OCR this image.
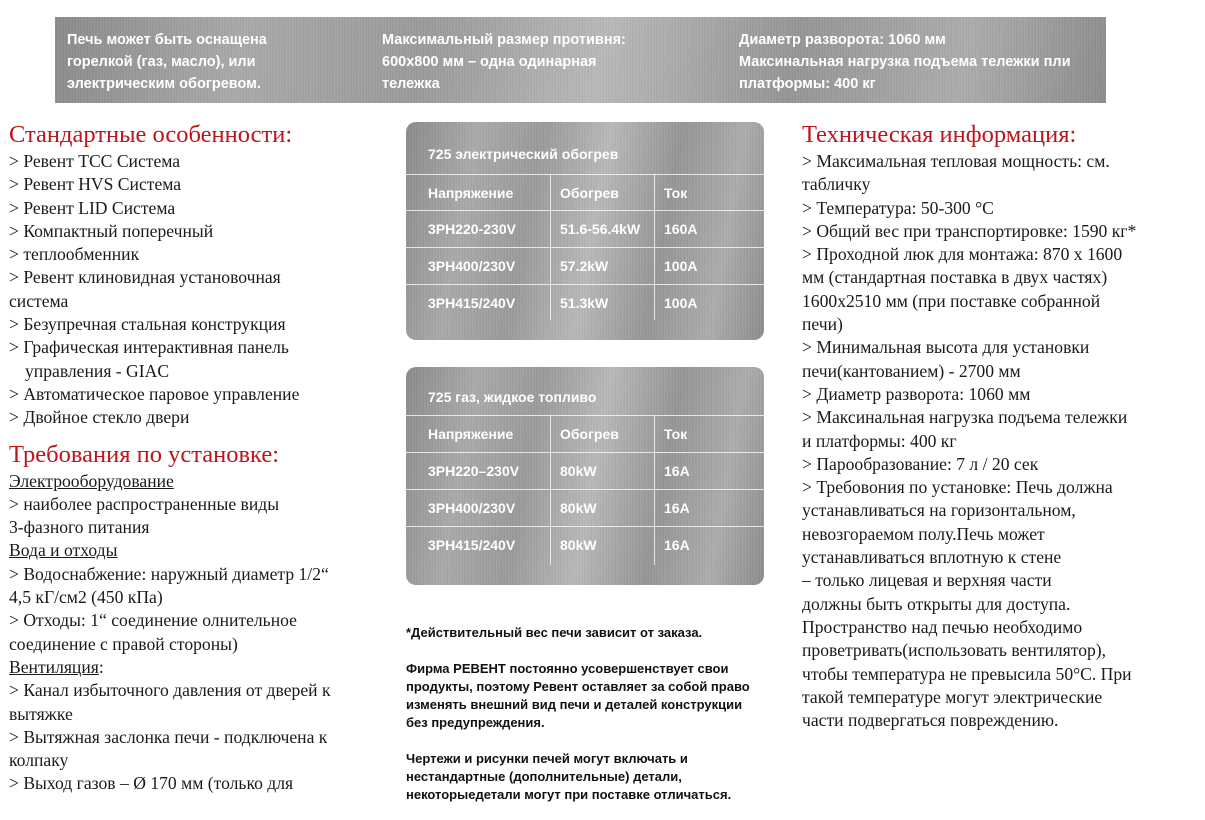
Печь может быть оснащена
горелкой (газ, масло), или
электрическим обогревом.
Максимальный размер противня:
600х800 мм – одна одинарная
тележка
Диаметр разворота: 1060 мм
Максинальная нагрузка подъема тележки пли
платформы: 400 кг
Стандартные особенности:
> Ревент ТСС Система
> Ревент HVS Система
> Ревент LID Система
> Компактный поперечный
> теплообменник
> Ревент клиновидная установочная
система
> Безупречная стальная конструкция
> Графическая интерактивная панель
управления - GIAC
> Автоматическое паровое управление
> Двойное стекло двери
Требования по установке:
Электрооборудование
> наиболее распространенные виды
3-фазного питания
Вода и отходы
> Водоснабжение: наружный диаметр 1/2“
4,5 кГ/см2 (450 кПа)
> Отходы: 1“ соединение олнительное
соединение с правой стороны)
Вентиляция:
> Канал избыточного давления от дверей к
вытяжке
> Вытяжная заслонка печи - подключена к
колпаку
> Выход газов – Ø 170 мм (только для
725 электрический обогрев
Напряжение	Обогрев	Ток
3PH220-230V	51.6-56.4kW 160A
3PH400/230V	57.2kW	100A
3PH415/240V	51.3kW	100A
725 газ, жидкое топливо
Напряжение	Обогрев	Ток
3PH220–230V	80kW	16A
3PH400/230V	80kW	16A
3PH415/240V	80kW	16A
*Действительный вес печи зависит от заказа.
Фирма РЕВЕНТ постоянно усовершенствует свои
продукты, поэтому Ревент оставляет за собой право
изменять внешний вид печи и деталей конструкции
без предупреждения.
Чертежи и рисунки печей могут включать и
нестандартные (дополнительные) детали,
некоторыедетали могут при поставке отличаться.
Техническая информация:
> Максимальная тепловая мощность: см.
табличку
> Температура: 50-300 °С
> Общий вес при транспортировке: 1590 кг*
> Проходной люк для монтажа: 870 х 1600
мм (стандартная поставка в двух частях)
1600х2510 мм (при поставке собранной
печи)
> Минимальная высота для установки
печи(кантованием) - 2700 мм
> Диаметр разворота: 1060 мм
> Максинальная нагрузка подъема тележки
и платформы: 400 кг
> Парообразование: 7 л / 20 сек
> Требовония по установке: Печь должна
устанавливаться на горизонтальном,
невозгораемом полу.Печь может
устанавливаться вплотную к стене
– только лицевая и верхняя части
должны быть открыты для доступа.
Пространство над печью необходимо
проветривать(использовать вентилятор),
чтобы температура не превысила 50°С. При
такой температуре могут электрические
части подвергаться повреждению.
